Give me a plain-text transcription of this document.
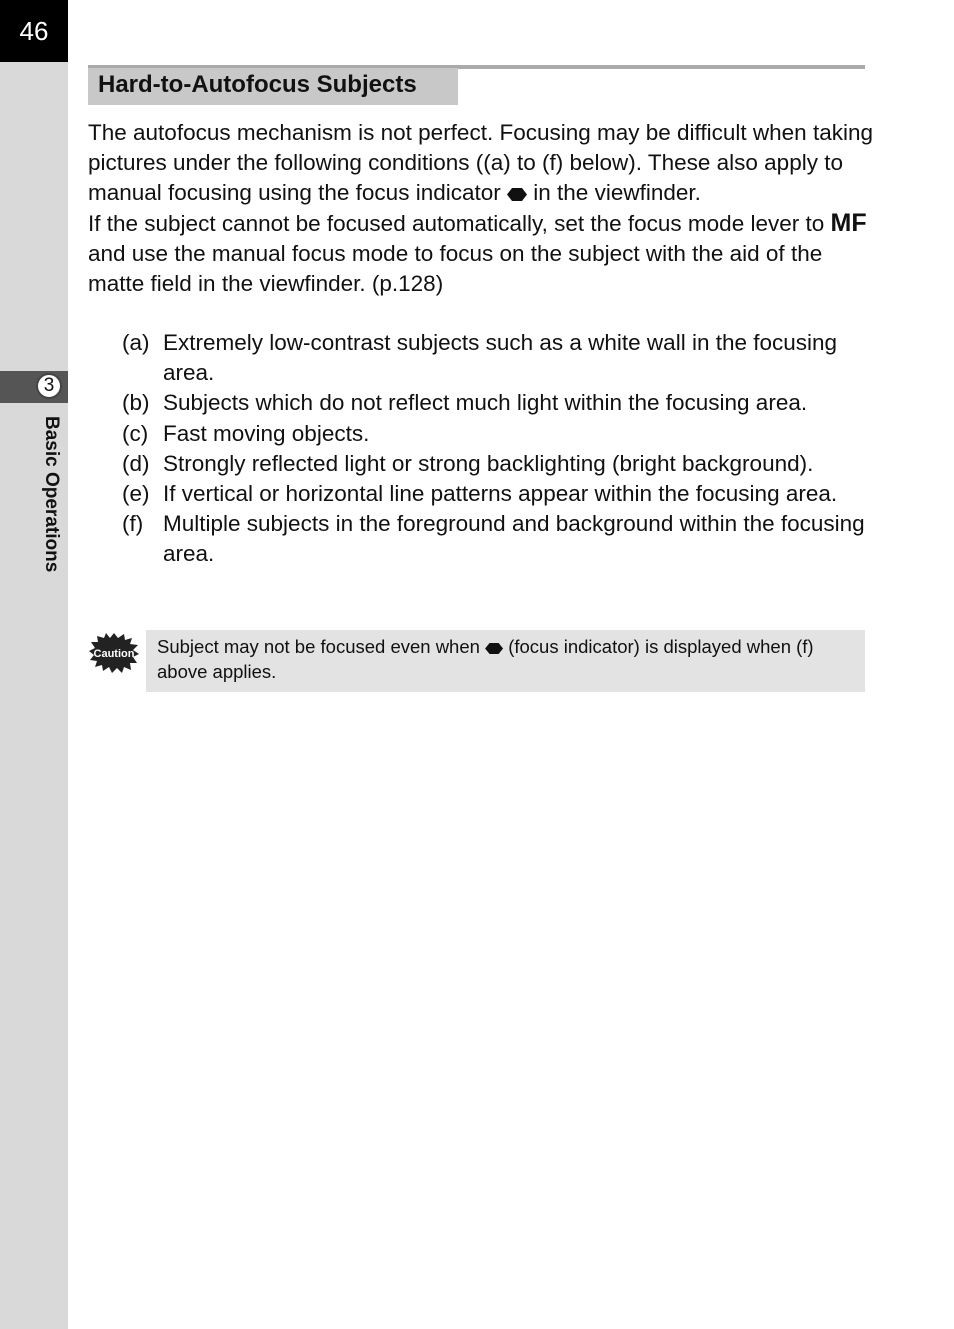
46
3
Basic Operations
Hard-to-Autofocus Subjects

The autofocus mechanism is not perfect. Focusing may be difficult when taking pictures under the following conditions ((a) to (f) below). These also apply to manual focusing using the focus indicator in the viewfinder.

If the subject cannot be focused automatically, set the focus mode lever to MF and use the manual focus mode to focus on the subject with the aid of the matte field in the viewfinder. (p.128)

(a) Extremely low-contrast subjects such as a white wall in the focusing area.
(b) Subjects which do not reflect much light within the focusing area.
(c) Fast moving objects.
(d) Strongly reflected light or strong backlighting (bright background).
(e) If vertical or horizontal line patterns appear within the focusing area.
(f) Multiple subjects in the foreground and background within the focusing area.
Caution	Subject may not be focused even when (focus indicator) is displayed when (f) above applies.
